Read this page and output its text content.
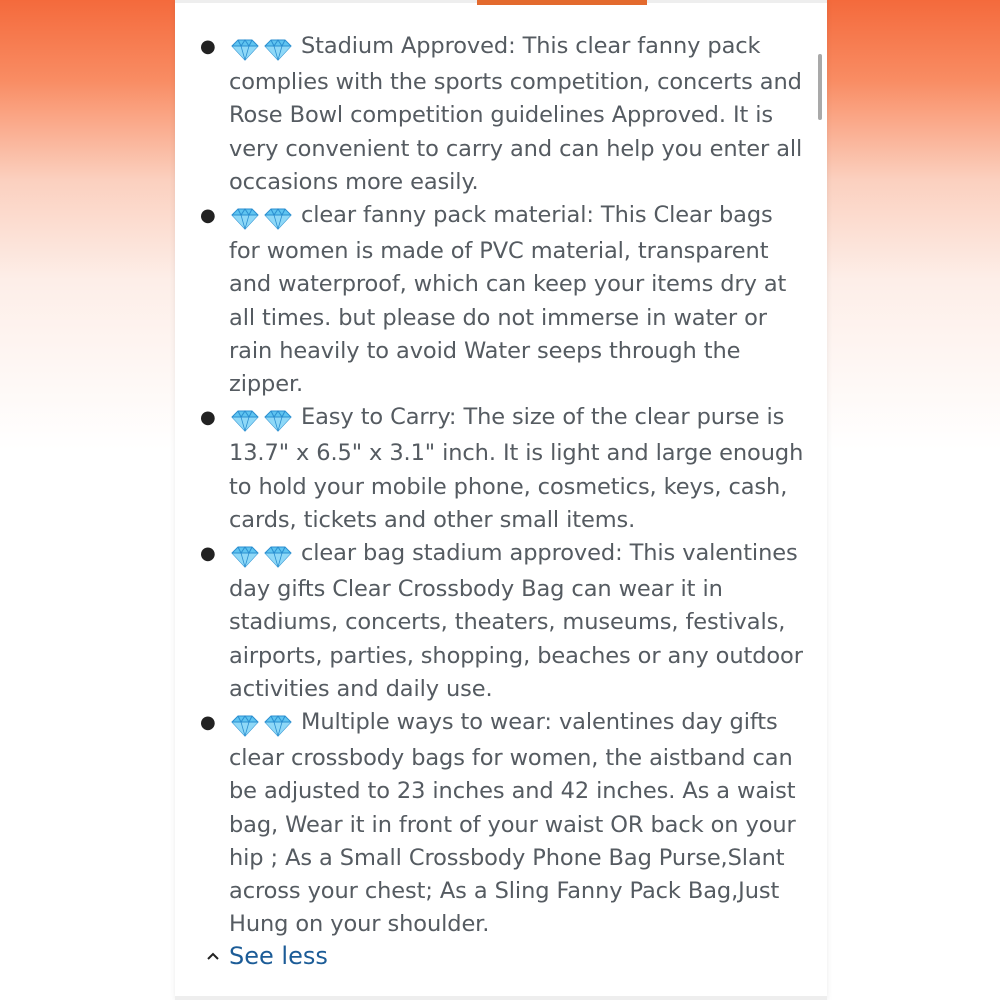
●	Stadium Approved: This clear fanny pack complies with the sports competition, concerts and Rose Bowl competition guidelines Approved. It is very convenient to carry and can help you enter all occasions more easily.
●	clear fanny pack material: This Clear bags for women is made of PVC material, transparent and waterproof, which can keep your items dry at all times. but please do not immerse in water or rain heavily to avoid Water seeps through the zipper.
●	Easy to Carry: The size of the clear purse is 13.7" x 6.5" x 3.1" inch. It is light and large enough to hold your mobile phone, cosmetics, keys, cash, cards, tickets and other small items.
●	clear bag stadium approved: This valentines day gifts Clear Crossbody Bag can wear it in stadiums, concerts, theaters, museums, festivals, airports, parties, shopping, beaches or any outdoor activities and daily use.
●	Multiple ways to wear: valentines day gifts clear crossbody bags for women, the aistband can be adjusted to 23 inches and 42 inches. As a waist bag, Wear it in front of your waist OR back on your hip ; As a Small Crossbody Phone Bag Purse,Slant across your chest; As a Sling Fanny Pack Bag,Just Hung on your shoulder.
See less
